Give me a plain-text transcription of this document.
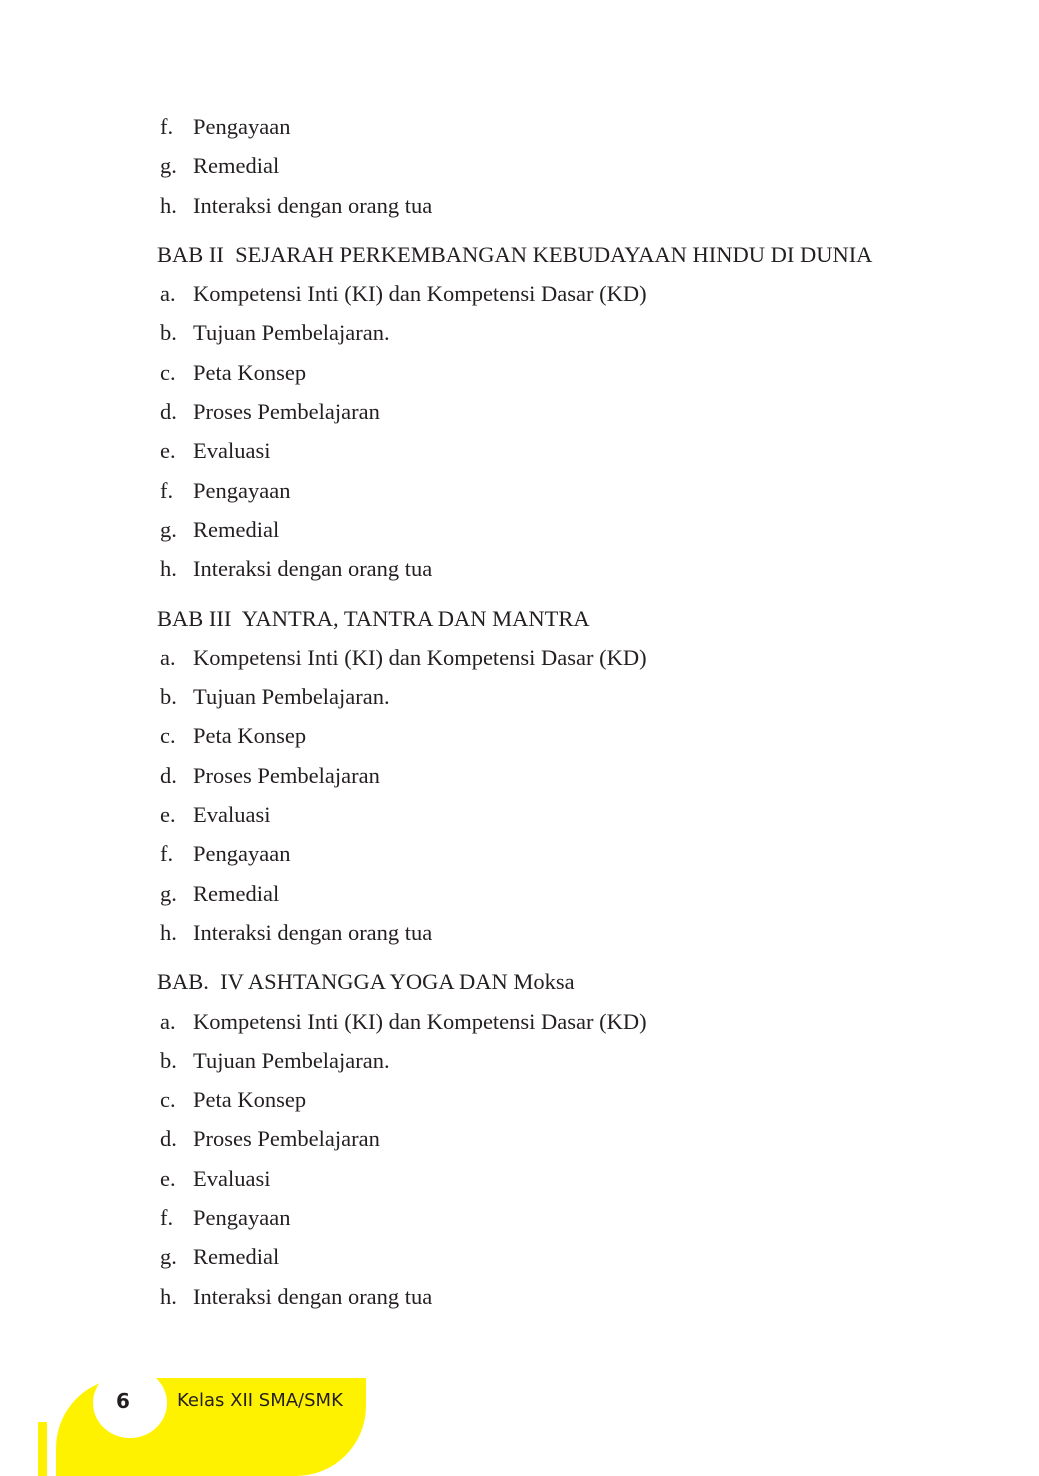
f. Pengayaan
g. Remedial
h. Interaksi dengan orang tua
BAB II  SEJARAH PERKEMBANGAN KEBUDAYAAN HINDU DI DUNIA
a. Kompetensi Inti (KI) dan Kompetensi Dasar (KD)
b. Tujuan Pembelajaran.
c. Peta Konsep
d. Proses Pembelajaran
e. Evaluasi
f. Pengayaan
g. Remedial
h. Interaksi dengan orang tua
BAB III  YANTRA, TANTRA DAN MANTRA
a. Kompetensi Inti (KI) dan Kompetensi Dasar (KD)
b. Tujuan Pembelajaran.
c. Peta Konsep
d. Proses Pembelajaran
e. Evaluasi
f. Pengayaan
g. Remedial
h. Interaksi dengan orang tua
BAB.  IV ASHTANGGA YOGA DAN Moksa
a. Kompetensi Inti (KI) dan Kompetensi Dasar (KD)
b. Tujuan Pembelajaran.
c. Peta Konsep
d. Proses Pembelajaran
e. Evaluasi
f. Pengayaan
g. Remedial
h. Interaksi dengan orang tua
6	Kelas XII SMA/SMK
